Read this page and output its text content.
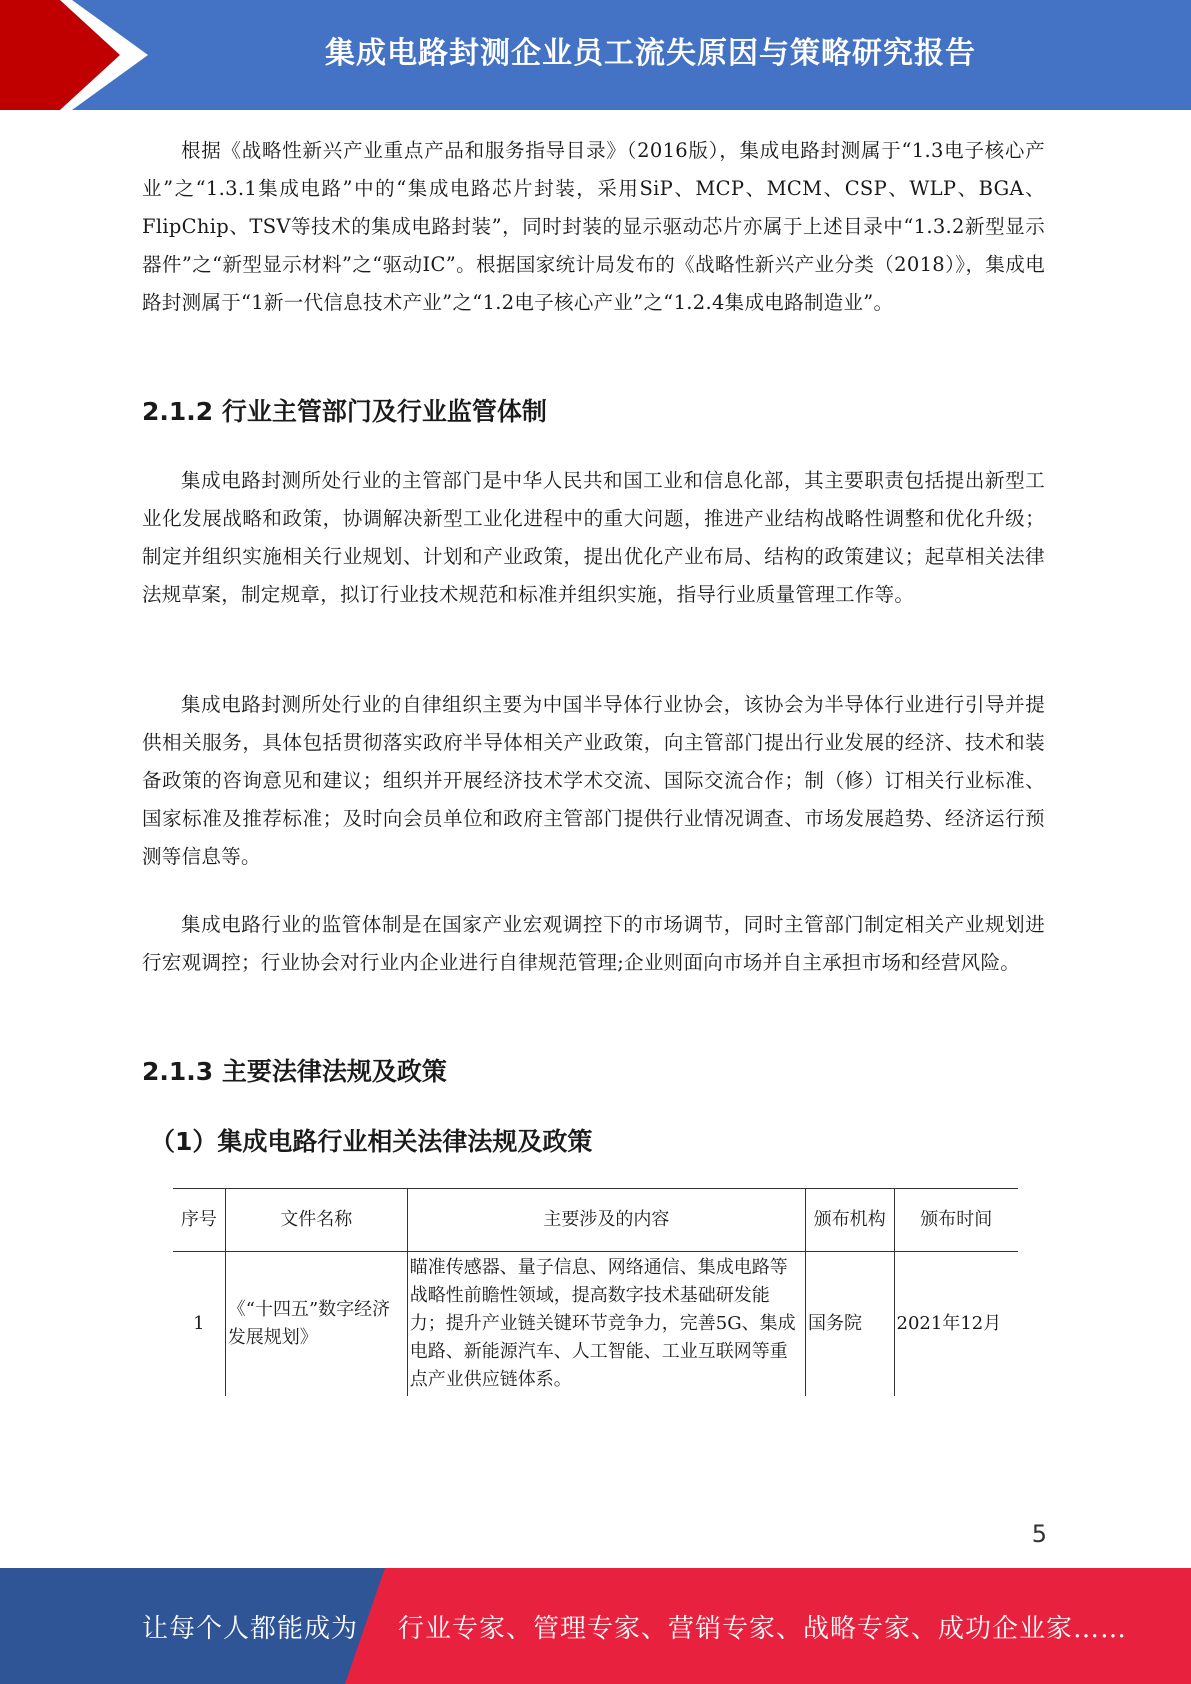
集成电路封测企业员工流失原因与策略研究报告

根据《战略性新兴产业重点产品和服务指导目录》（2016版），集成电路封测属于“1.3电子核心产业”之“1.3.1集成电路”中的“集成电路芯片封装，采用SiP、MCP、MCM、CSP、WLP、BGA、FlipChip、TSV等技术的集成电路封装”，同时封装的显示驱动芯片亦属于上述目录中“1.3.2新型显示器件”之“新型显示材料”之“驱动IC”。根据国家统计局发布的《战略性新兴产业分类（2018）》，集成电路封测属于“1新一代信息技术产业”之“1.2电子核心产业”之“1.2.4集成电路制造业”。

2.1.2 行业主管部门及行业监管体制

集成电路封测所处行业的主管部门是中华人民共和国工业和信息化部，其主要职责包括提出新型工业化发展战略和政策，协调解决新型工业化进程中的重大问题，推进产业结构战略性调整和优化升级；制定并组织实施相关行业规划、计划和产业政策，提出优化产业布局、结构的政策建议；起草相关法律法规草案，制定规章，拟订行业技术规范和标准并组织实施，指导行业质量管理工作等。

集成电路封测所处行业的自律组织主要为中国半导体行业协会，该协会为半导体行业进行引导并提供相关服务，具体包括贯彻落实政府半导体相关产业政策，向主管部门提出行业发展的经济、技术和装备政策的咨询意见和建议；组织并开展经济技术学术交流、国际交流合作；制（修）订相关行业标准、国家标准及推荐标准；及时向会员单位和政府主管部门提供行业情况调查、市场发展趋势、经济运行预测等信息等。

集成电路行业的监管体制是在国家产业宏观调控下的市场调节，同时主管部门制定相关产业规划进行宏观调控；行业协会对行业内企业进行自律规范管理;企业则面向市场并自主承担市场和经营风险。

2.1.3 主要法律法规及政策
（1）集成电路行业相关法律法规及政策
序号	文件名称	主要涉及的内容	颁布机构	颁布时间
1	《“十四五”数字经济发展规划》	瞄准传感器、量子信息、网络通信、集成电路等战略性前瞻性领域，提高数字技术基础研发能力；提升产业链关键环节竞争力，完善5G、集成电路、新能源汽车、人工智能、工业互联网等重点产业供应链体系。	国务院	2021年12月
5
让每个人都能成为 行业专家、管理专家、营销专家、战略专家、成功企业家……
